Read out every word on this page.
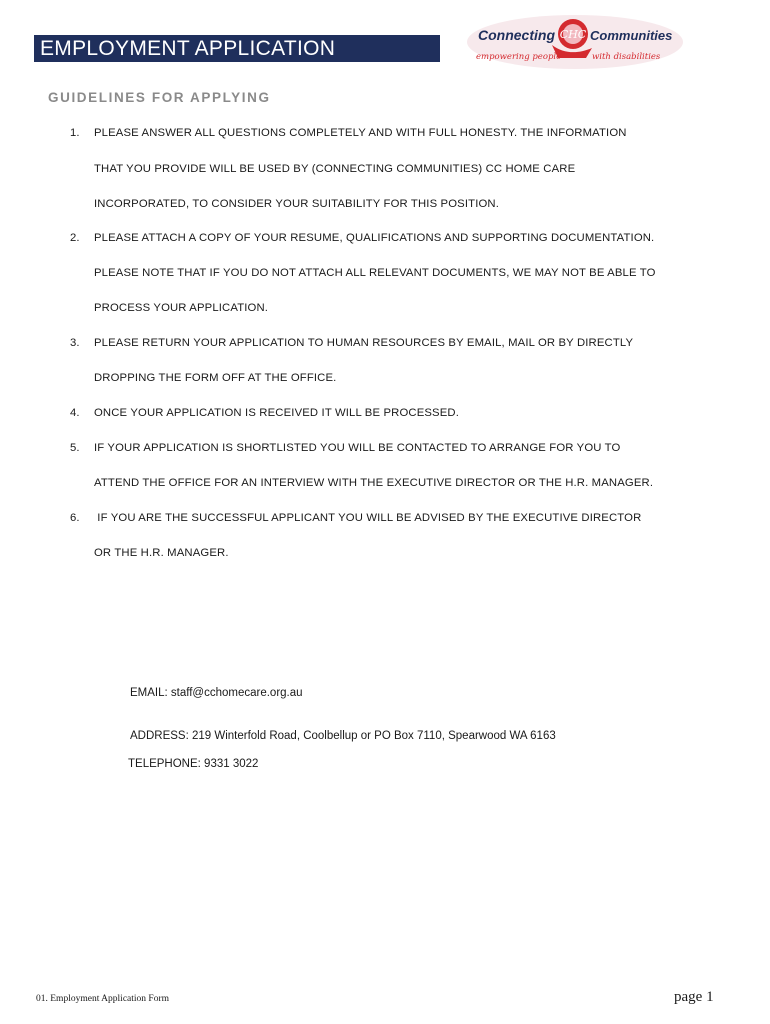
EMPLOYMENT APPLICATION
CHC
Connecting	Communities
empowering people	with disabilities
GUIDELINES FOR APPLYING
1. PLEASE ANSWER ALL QUESTIONS COMPLETELY AND WITH FULL HONESTY. THE INFORMATION
THAT YOU PROVIDE WILL BE USED BY (CONNECTING COMMUNITIES) CC HOME CARE
INCORPORATED, TO CONSIDER YOUR SUITABILITY FOR THIS POSITION.
2. PLEASE ATTACH A COPY OF YOUR RESUME, QUALIFICATIONS AND SUPPORTING DOCUMENTATION.
PLEASE NOTE THAT IF YOU DO NOT ATTACH ALL RELEVANT DOCUMENTS, WE MAY NOT BE ABLE TO
PROCESS YOUR APPLICATION.
3. PLEASE RETURN YOUR APPLICATION TO HUMAN RESOURCES BY EMAIL, MAIL OR BY DIRECTLY
DROPPING THE FORM OFF AT THE OFFICE.
4. ONCE YOUR APPLICATION IS RECEIVED IT WILL BE PROCESSED.
5. IF YOUR APPLICATION IS SHORTLISTED YOU WILL BE CONTACTED TO ARRANGE FOR YOU TO
ATTEND THE OFFICE FOR AN INTERVIEW WITH THE EXECUTIVE DIRECTOR OR THE H.R. MANAGER.
6. IF YOU ARE THE SUCCESSFUL APPLICANT YOU WILL BE ADVISED BY THE EXECUTIVE DIRECTOR
OR THE H.R. MANAGER.
EMAIL: staff@cchomecare.org.au
ADDRESS: 219 Winterfold Road, Coolbellup or PO Box 7110, Spearwood WA 6163
TELEPHONE: 9331 3022
01. Employment Application Form	page 1
